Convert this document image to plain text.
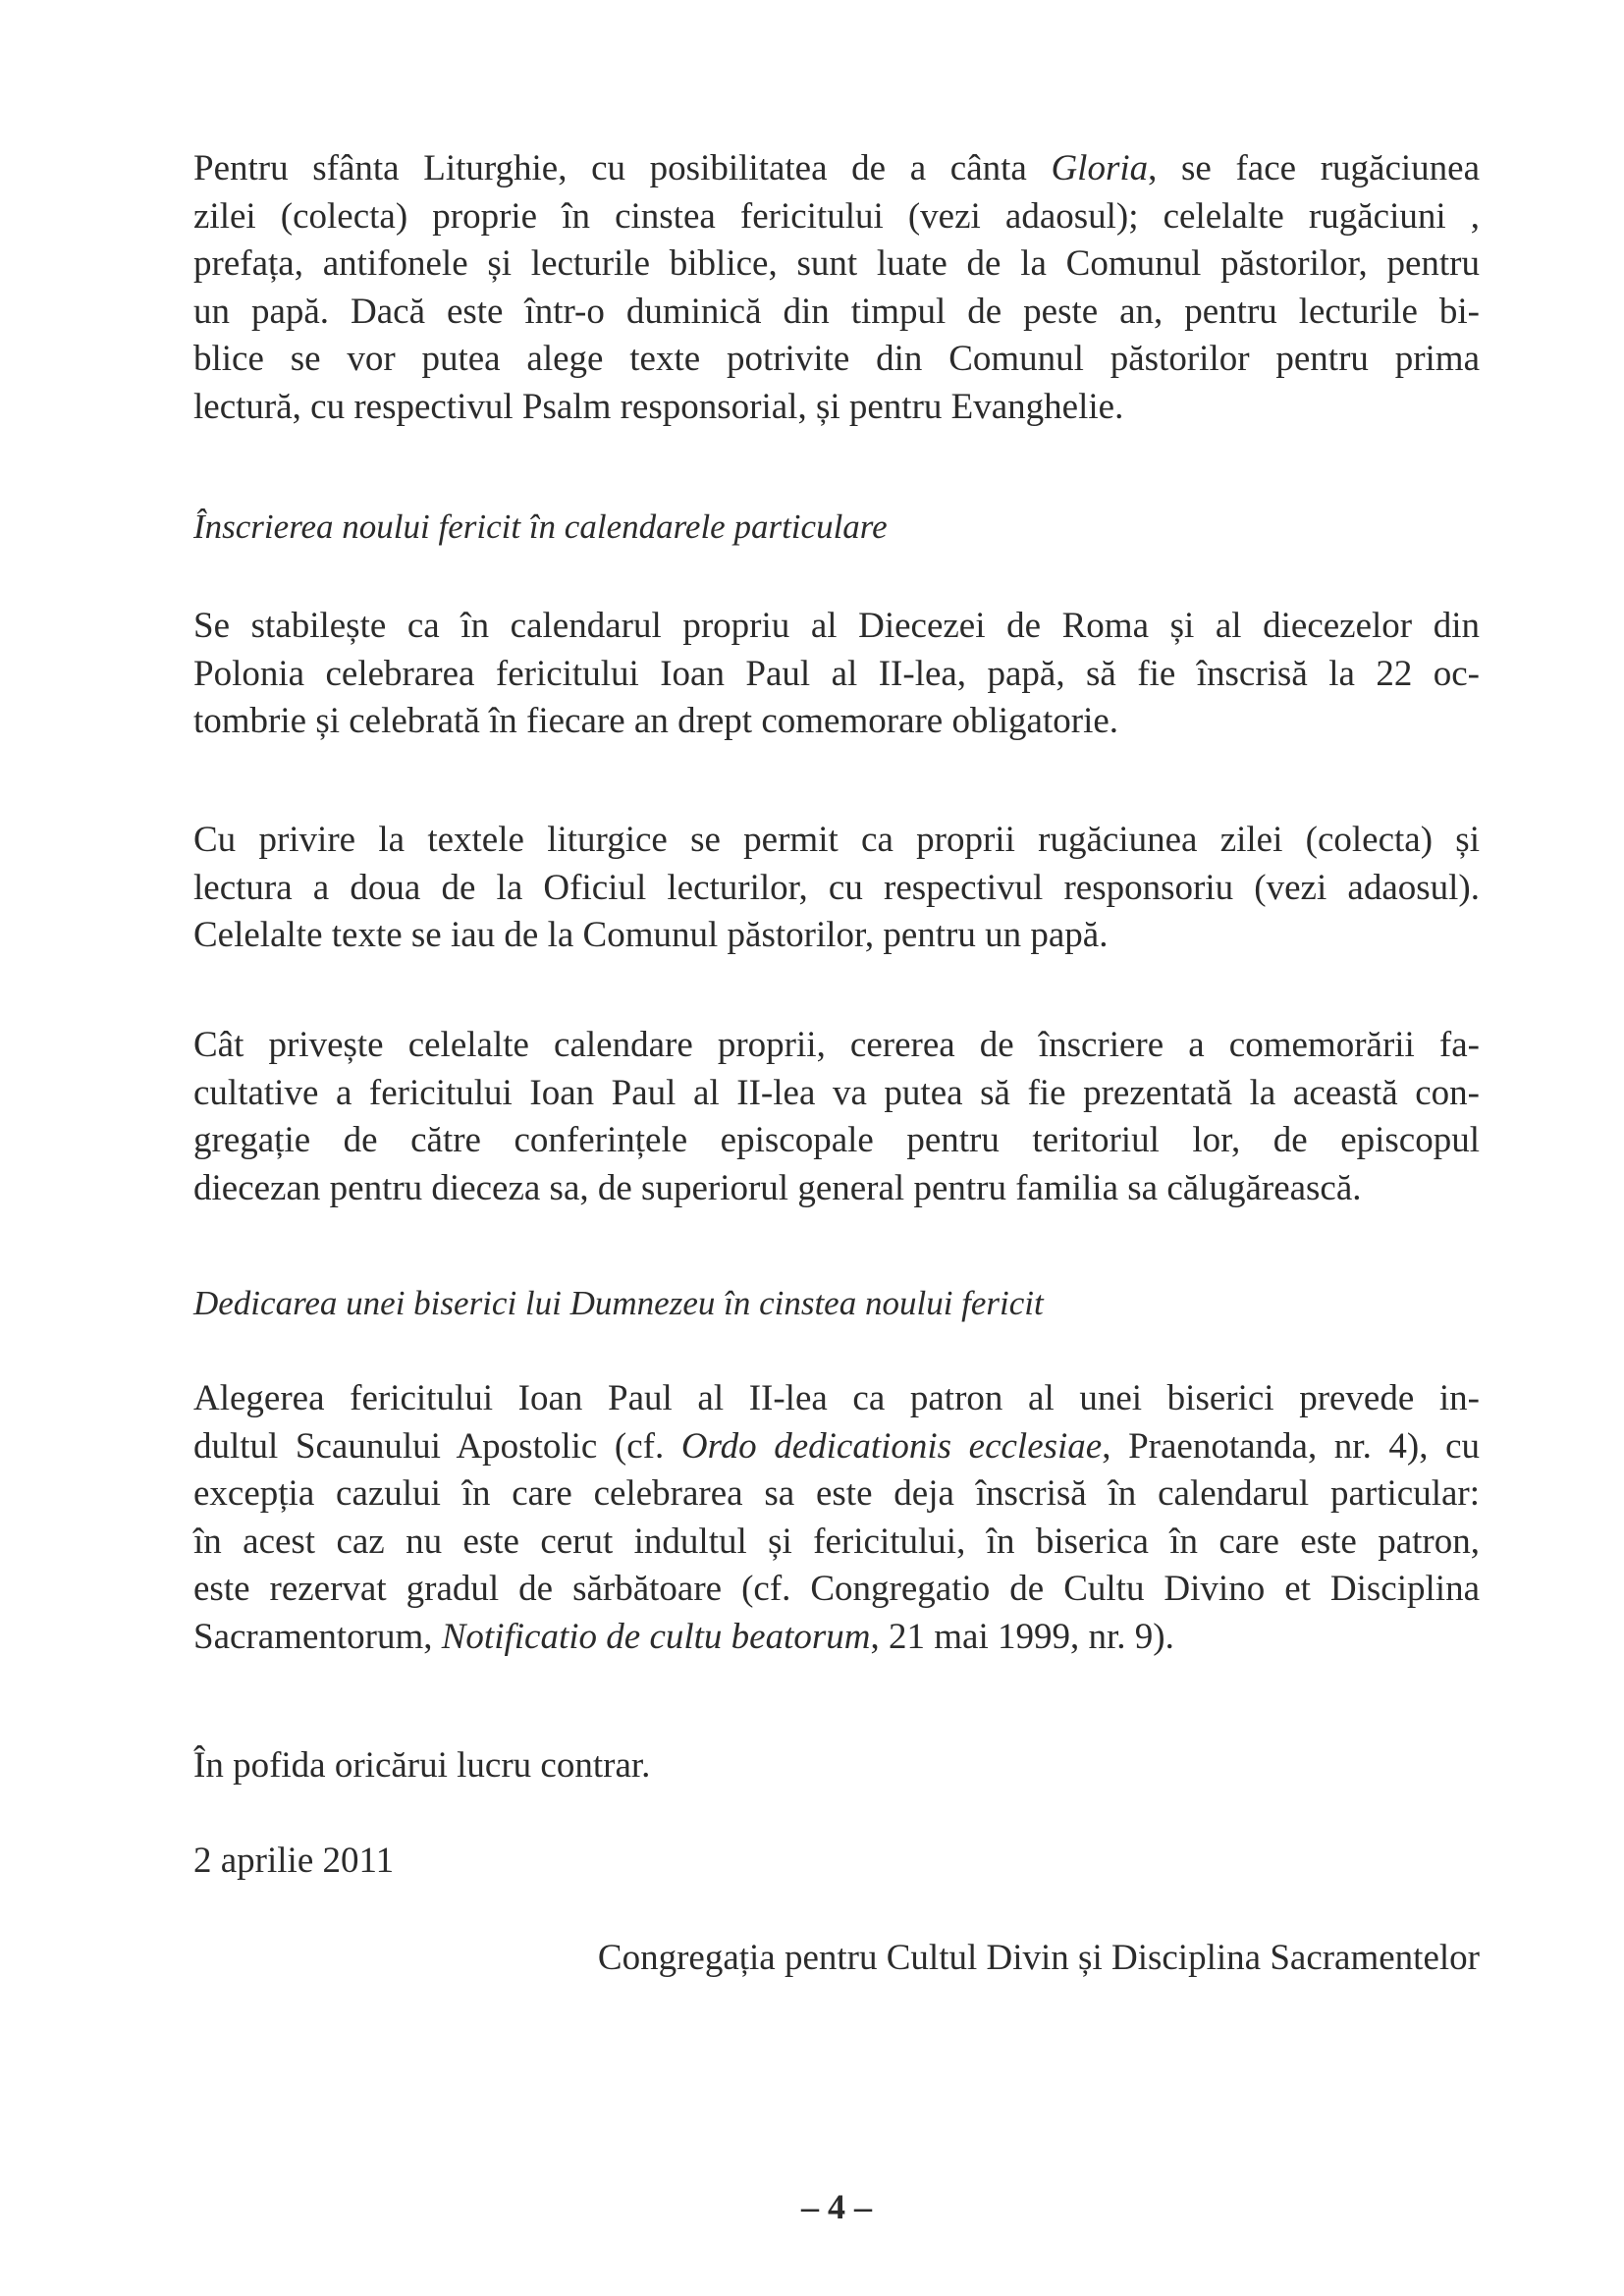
Pentru sfânta Liturghie, cu posibilitatea de a cânta Gloria, se face rugăciunea
zilei (colecta) proprie în cinstea fericitului (vezi adaosul); celelalte rugăciuni ,
prefața, antifonele și lecturile biblice, sunt luate de la Comunul păstorilor, pentru
un papă. Dacă este într-o duminică din timpul de peste an, pentru lecturile bi-
blice se vor putea alege texte potrivite din Comunul păstorilor pentru prima
lectură, cu respectivul Psalm responsorial, și pentru Evanghelie.

Înscrierea noului fericit în calendarele particulare

Se stabilește ca în calendarul propriu al Diecezei de Roma și al diecezelor din
Polonia celebrarea fericitului Ioan Paul al II-lea, papă, să fie înscrisă la 22 oc-
tombrie și celebrată în fiecare an drept comemorare obligatorie.
Cu privire la textele liturgice se permit ca proprii rugăciunea zilei (colecta) și
lectura a doua de la Oficiul lecturilor, cu respectivul responsoriu (vezi adaosul).
Celelalte texte se iau de la Comunul păstorilor, pentru un papă.
Cât privește celelalte calendare proprii, cererea de înscriere a comemorării fa-
cultative a fericitului Ioan Paul al II-lea va putea să fie prezentată la această con-
gregație de către conferințele episcopale pentru teritoriul lor, de episcopul
diecezan pentru dieceza sa, de superiorul general pentru familia sa călugărească.

Dedicarea unei biserici lui Dumnezeu în cinstea noului fericit

Alegerea fericitului Ioan Paul al II-lea ca patron al unei biserici prevede in-
dultul Scaunului Apostolic (cf. Ordo dedicationis ecclesiae, Praenotanda, nr. 4), cu
excepția cazului în care celebrarea sa este deja înscrisă în calendarul particular:
în acest caz nu este cerut indultul și fericitului, în biserica în care este patron,
este rezervat gradul de sărbătoare (cf. Congregatio de Cultu Divino et Disciplina
Sacramentorum, Notificatio de cultu beatorum, 21 mai 1999, nr. 9).

În pofida oricărui lucru contrar.

2 aprilie 2011

Congregația pentru Cultul Divin și Disciplina Sacramentelor

– 4 –
